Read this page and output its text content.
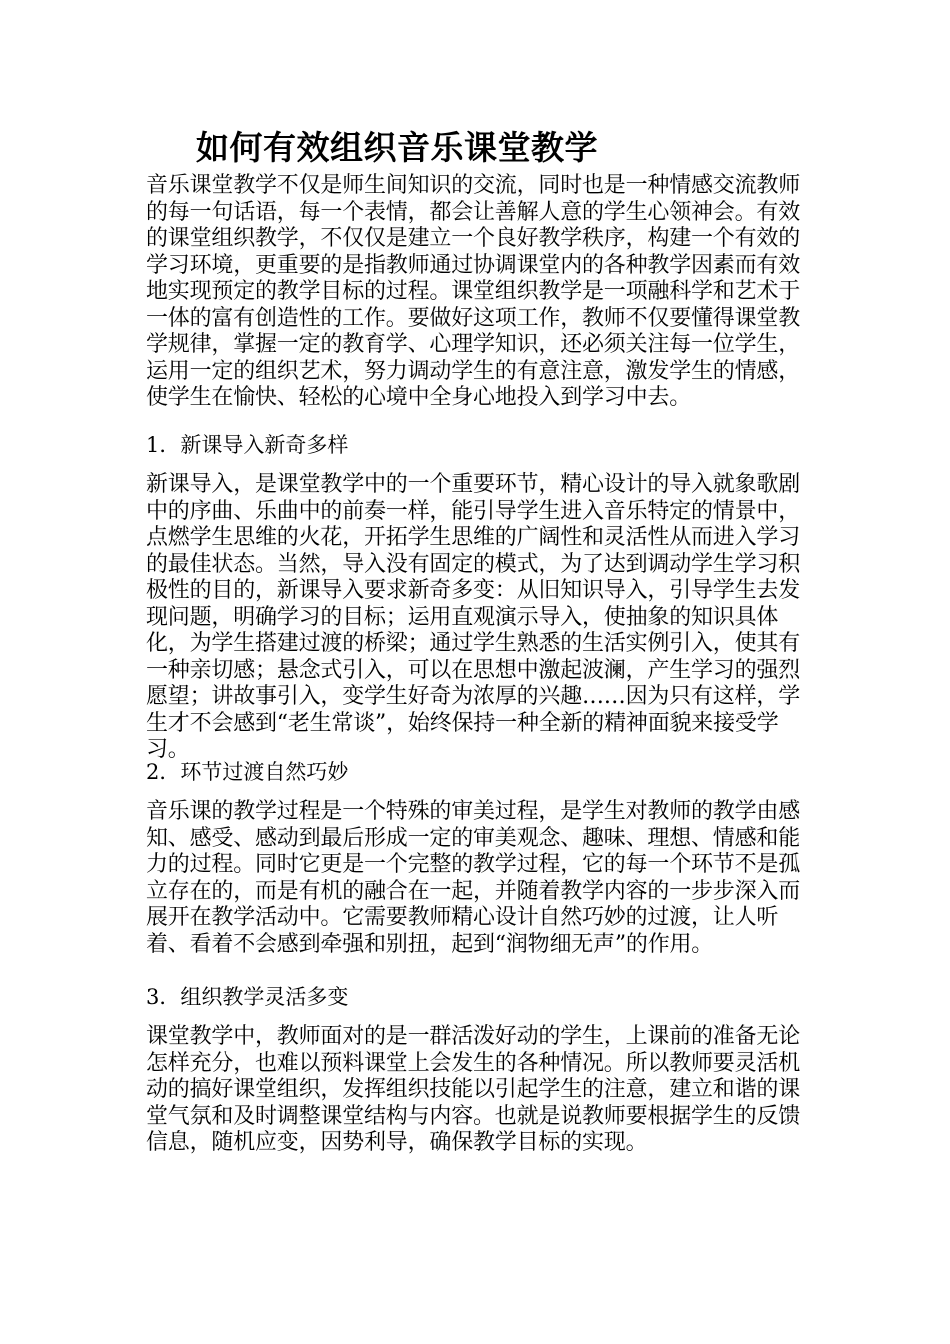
如何有效组织音乐课堂教学

音乐课堂教学不仅是师生间知识的交流，同时也是一种情感交流教师的每一句话语，每一个表情，都会让善解人意的学生心领神会。有效的课堂组织教学，不仅仅是建立一个良好教学秩序，构建一个有效的学习环境，更重要的是指教师通过协调课堂内的各种教学因素而有效地实现预定的教学目标的过程。课堂组织教学是一项融科学和艺术于一体的富有创造性的工作。要做好这项工作，教师不仅要懂得课堂教学规律，掌握一定的教育学、心理学知识，还必须关注每一位学生，运用一定的组织艺术，努力调动学生的有意注意，激发学生的情感，使学生在愉快、轻松的心境中全身心地投入到学习中去。

1．新课导入新奇多样

新课导入，是课堂教学中的一个重要环节，精心设计的导入就象歌剧中的序曲、乐曲中的前奏一样，能引导学生进入音乐特定的情景中，点燃学生思维的火花，开拓学生思维的广阔性和灵活性从而进入学习的最佳状态。当然，导入没有固定的模式，为了达到调动学生学习积极性的目的，新课导入要求新奇多变：从旧知识导入，引导学生去发现问题，明确学习的目标；运用直观演示导入，使抽象的知识具体化，为学生搭建过渡的桥梁；通过学生熟悉的生活实例引入，使其有一种亲切感；悬念式引入，可以在思想中激起波澜，产生学习的强烈愿望；讲故事引入，变学生好奇为浓厚的兴趣……因为只有这样，学生才不会感到“老生常谈”，始终保持一种全新的精神面貌来接受学习。

2．环节过渡自然巧妙

音乐课的教学过程是一个特殊的审美过程，是学生对教师的教学由感知、感受、感动到最后形成一定的审美观念、趣味、理想、情感和能力的过程。同时它更是一个完整的教学过程，它的每一个环节不是孤立存在的，而是有机的融合在一起，并随着教学内容的一步步深入而展开在教学活动中。它需要教师精心设计自然巧妙的过渡，让人听着、看着不会感到牵强和别扭，起到“润物细无声”的作用。

3．组织教学灵活多变

课堂教学中，教师面对的是一群活泼好动的学生，上课前的准备无论怎样充分，也难以预料课堂上会发生的各种情况。所以教师要灵活机动的搞好课堂组织，发挥组织技能以引起学生的注意，建立和谐的课堂气氛和及时调整课堂结构与内容。也就是说教师要根据学生的反馈信息，随机应变，因势利导，确保教学目标的实现。
